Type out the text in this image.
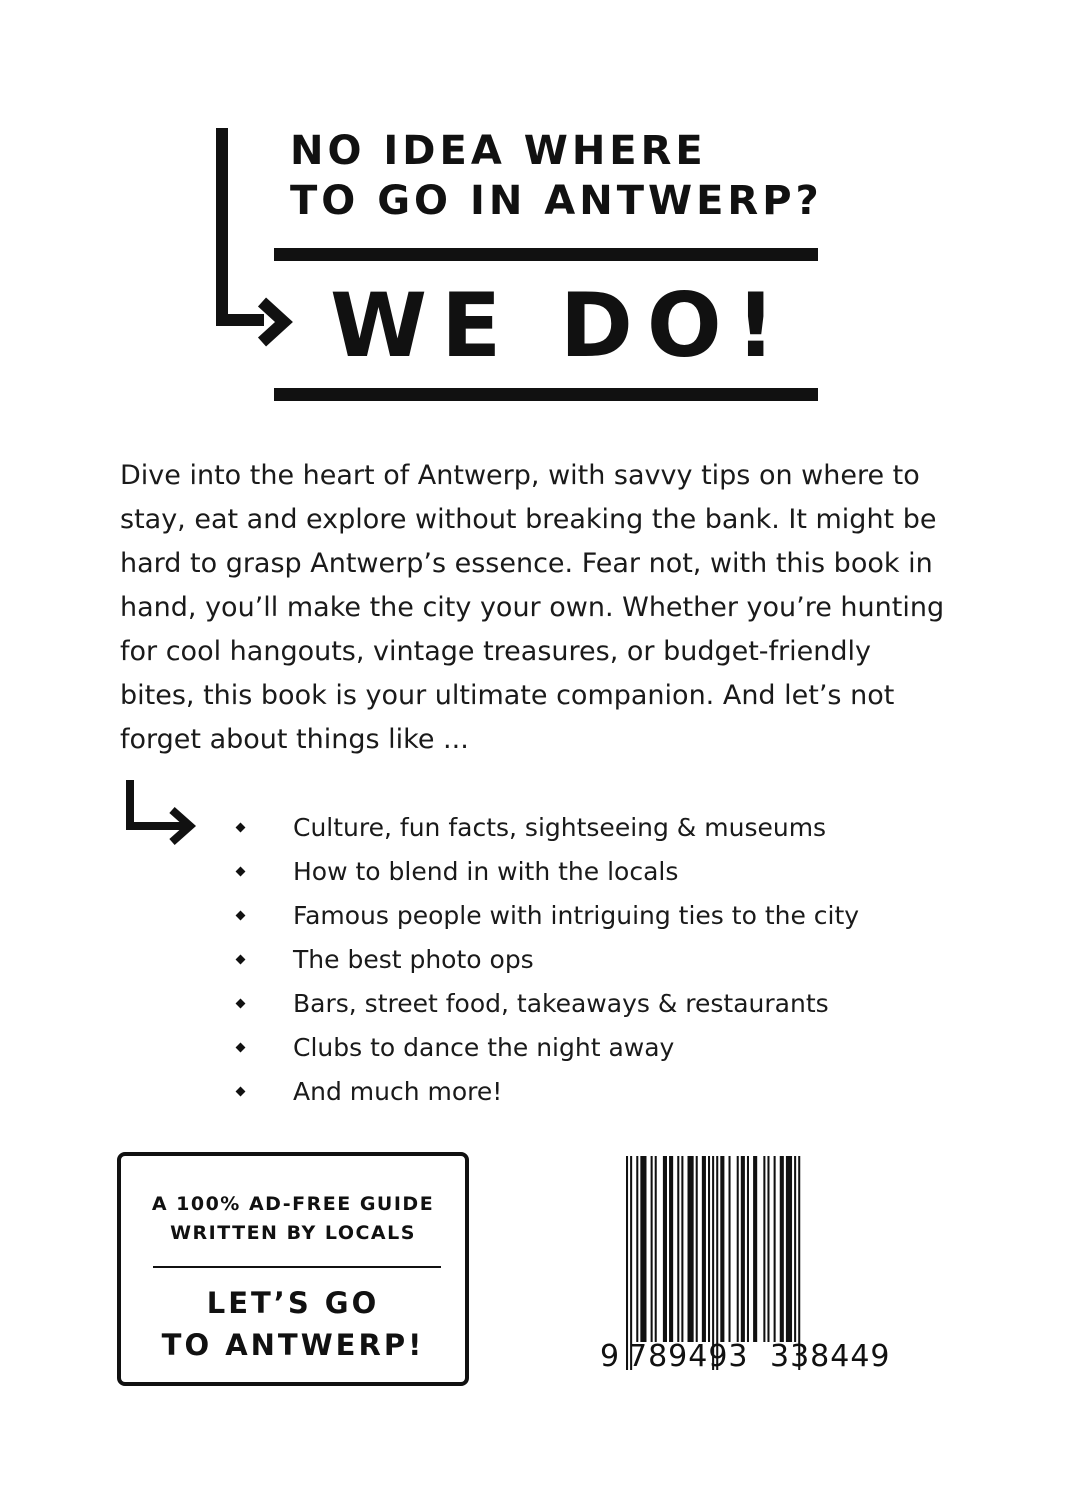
NO IDEA WHERE
TO GO IN ANTWERP?
WE DO!

Dive into the heart of Antwerp, with savvy tips on where to stay, eat and explore without breaking the bank. It might be hard to grasp Antwerp’s essence. Fear not, with this book in hand, you’ll make the city your own. Whether you’re hunting for cool hangouts, vintage treasures, or budget-friendly bites, this book is your ultimate companion. And let’s not forget about things like ...

Culture, fun facts, sightseeing & museums
How to blend in with the locals
Famous people with intriguing ties to the city
The best photo ops
Bars, street food, takeaways & restaurants
Clubs to dance the night away
And much more!

A 100% AD-FREE GUIDE
WRITTEN BY LOCALS

LET’S GO
TO ANTWERP!	9 789493 338449
